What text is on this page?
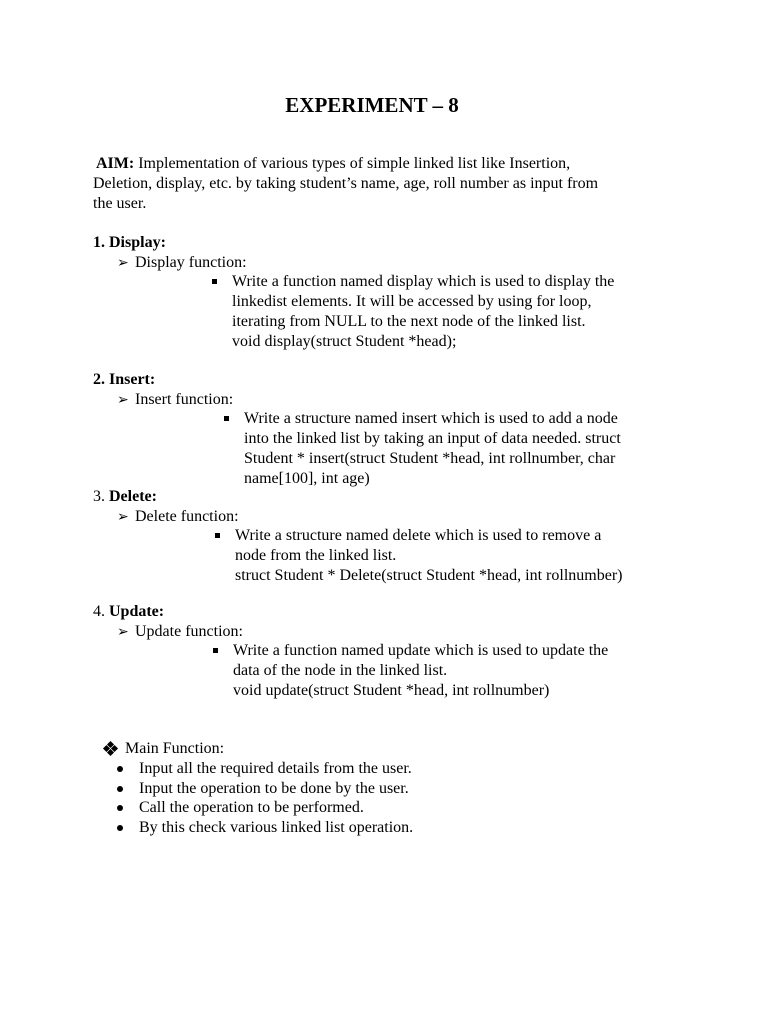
EXPERIMENT – 8
AIM: Implementation of various types of simple linked list like Insertion,
Deletion, display, etc. by taking student’s name, age, roll number as input from
the user.
1. Display:
➢ Display function:
Write a function named display which is used to display the
linkedist elements. It will be accessed by using for loop,
iterating from NULL to the next node of the linked list.
void display(struct Student *head);
2. Insert:
➢ Insert function:
Write a structure named insert which is used to add a node
into the linked list by taking an input of data needed. struct
Student * insert(struct Student *head, int rollnumber, char
name[100], int age)
3. Delete:
➢ Delete function:
Write a structure named delete which is used to remove a
node from the linked list.
struct Student * Delete(struct Student *head, int rollnumber)
4. Update:
➢ Update function:
Write a function named update which is used to update the
data of the node in the linked list.
void update(struct Student *head, int rollnumber)
Main Function:
Input all the required details from the user.
Input the operation to be done by the user.
Call the operation to be performed.
By this check various linked list operation.
